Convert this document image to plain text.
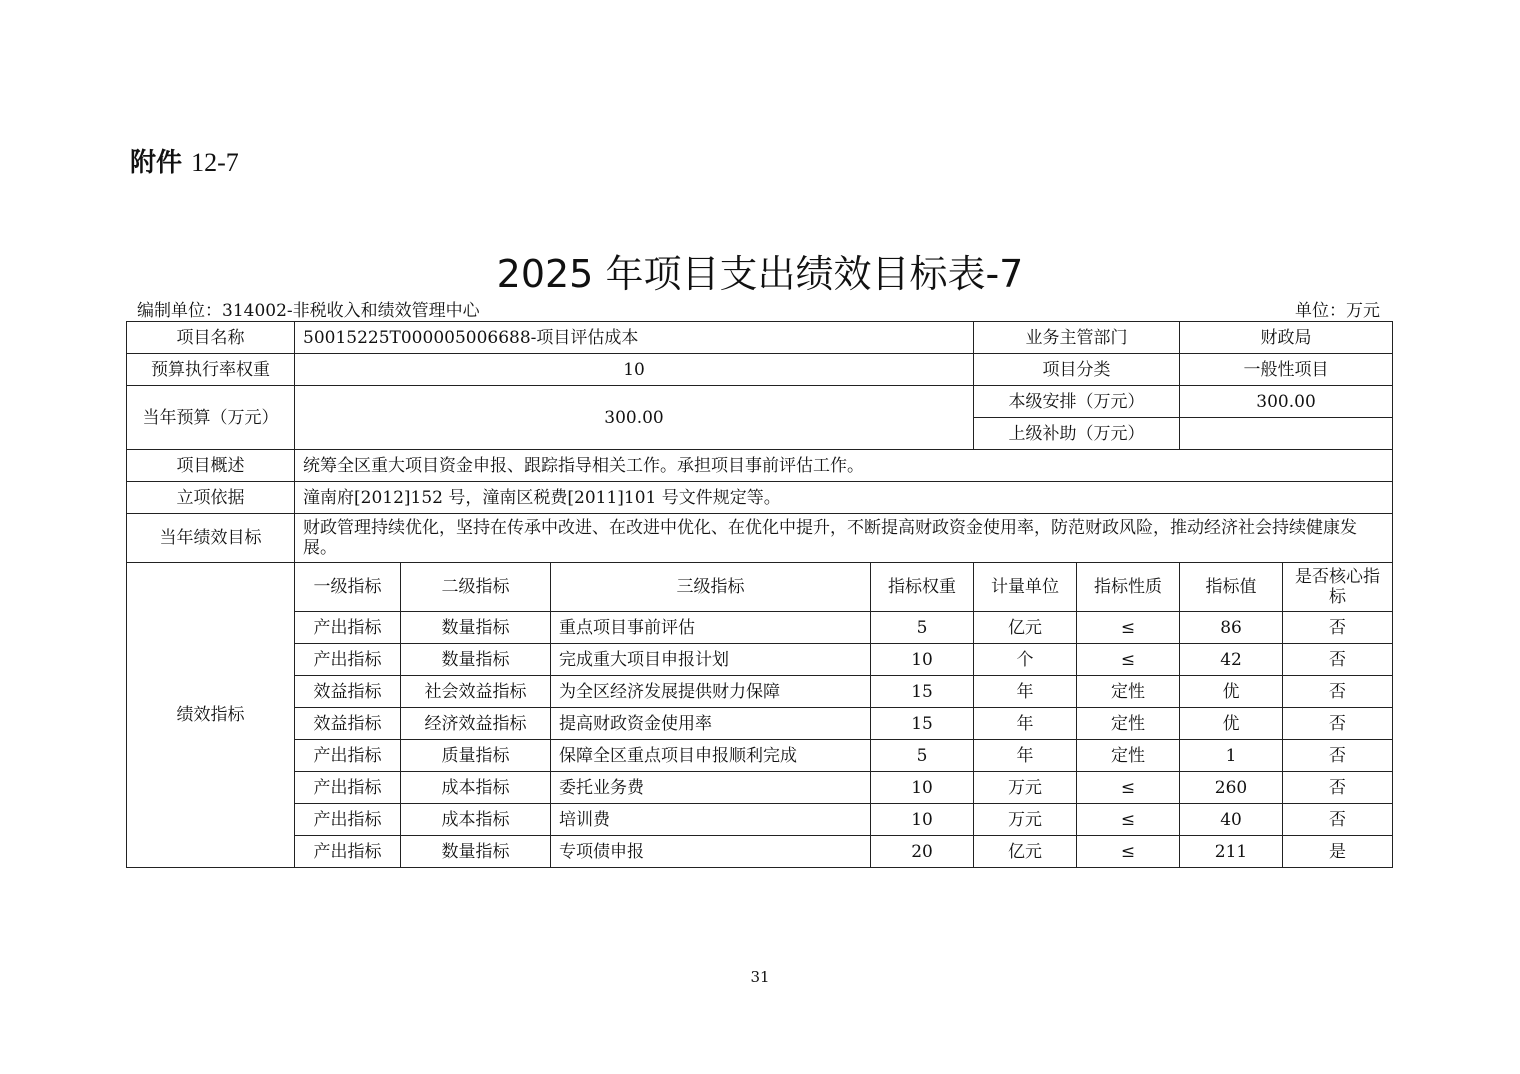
附件 12-7
2025 年项目支出绩效目标表-7
编制单位：314002-非税收入和绩效管理中心	单位：万元
项目名称	50015225T000005006688-项目评估成本				业务主管部门		财政局	
预算执行率权重	10				项目分类		一般性项目	
当年预算（万元）	300.00				本级安排（万元）		300.00	
					上级补助（万元）			
项目概述	统筹全区重大项目资金申报、跟踪指导相关工作。承担项目事前评估工作。							
立项依据	潼南府[2012]152 号，潼南区税费[2011]101 号文件规定等。							
当年绩效目标	财政管理持续优化，坚持在传承中改进、在改进中优化、在优化中提升，不断提高财政资金使用率，防范财政风险，推动经济社会持续健康发展。							
绩效指标	一级指标	二级指标	三级指标	指标权重	计量单位	指标性质	指标值	是否核心指标
	产出指标	数量指标	重点项目事前评估	5	亿元	≤	86	否
	产出指标	数量指标	完成重大项目申报计划	10	个	≤	42	否
	效益指标	社会效益指标	为全区经济发展提供财力保障	15	年	定性	优	否
	效益指标	经济效益指标	提高财政资金使用率	15	年	定性	优	否
	产出指标	质量指标	保障全区重点项目申报顺利完成	5	年	定性	1	否
	产出指标	成本指标	委托业务费	10	万元	≤	260	否
	产出指标	成本指标	培训费	10	万元	≤	40	否
	产出指标	数量指标	专项债申报	20	亿元	≤	211	是
31
